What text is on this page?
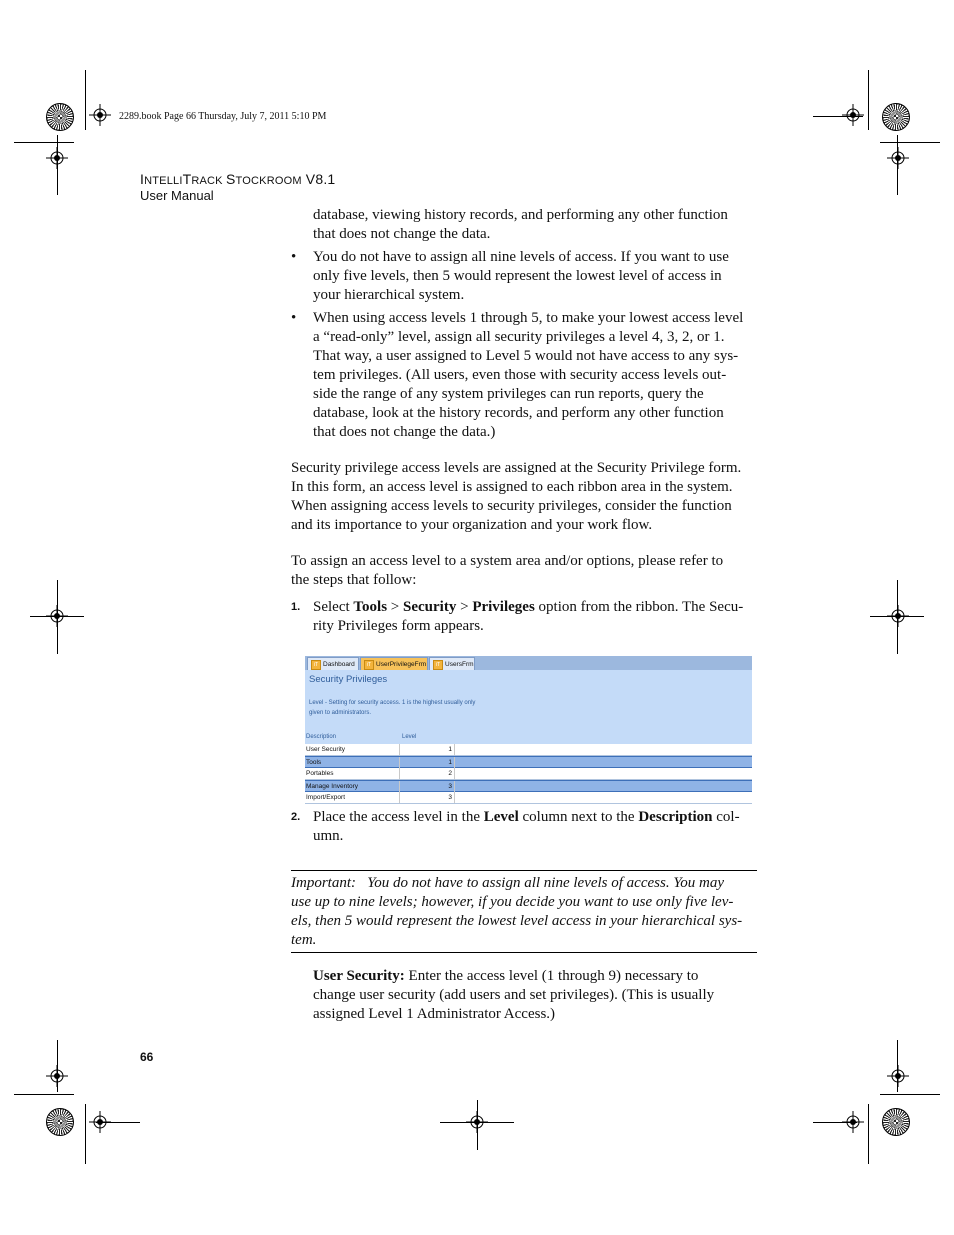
2289.book Page 66 Thursday, July 7, 2011 5:10 PM
INTELLITRACK STOCKROOM V8.1
User Manual
database, viewing history records, and performing any other function
that does not change the data.
• You do not have to assign all nine levels of access. If you want to use
only five levels, then 5 would represent the lowest level of access in
your hierarchical system.
• When using access levels 1 through 5, to make your lowest access level
a “read-only” level, assign all security privileges a level 4, 3, 2, or 1.
That way, a user assigned to Level 5 would not have access to any sys-
tem privileges. (All users, even those with security access levels out-
side the range of any system privileges can run reports, query the
database, look at the history records, and perform any other function
that does not change the data.)
Security privilege access levels are assigned at the Security Privilege form.
In this form, an access level is assigned to each ribbon area in the system.
When assigning access levels to security privileges, consider the function
and its importance to your organization and your work flow.
To assign an access level to a system area and/or options, please refer to
the steps that follow:
1. Select Tools > Security > Privileges option from the ribbon. The Secu-
rity Privileges form appears.
iT Dashboard	iT UserPrivilegeFrm	iT UsersFrm
Security Privileges
Level - Setting for security access. 1 is the highest usually only given to administrators.
Description	Level
User Security	1
Tools	1
Portables	2
Manage Inventory	3
Import/Export	3
2. Place the access level in the Level column next to the Description col-
umn.
Important:   You do not have to assign all nine levels of access. You may
use up to nine levels; however, if you decide you want to use only five lev-
els, then 5 would represent the lowest level access in your hierarchical sys-
tem.
User Security: Enter the access level (1 through 9) necessary to
change user security (add users and set privileges). (This is usually
assigned Level 1 Administrator Access.)
66
